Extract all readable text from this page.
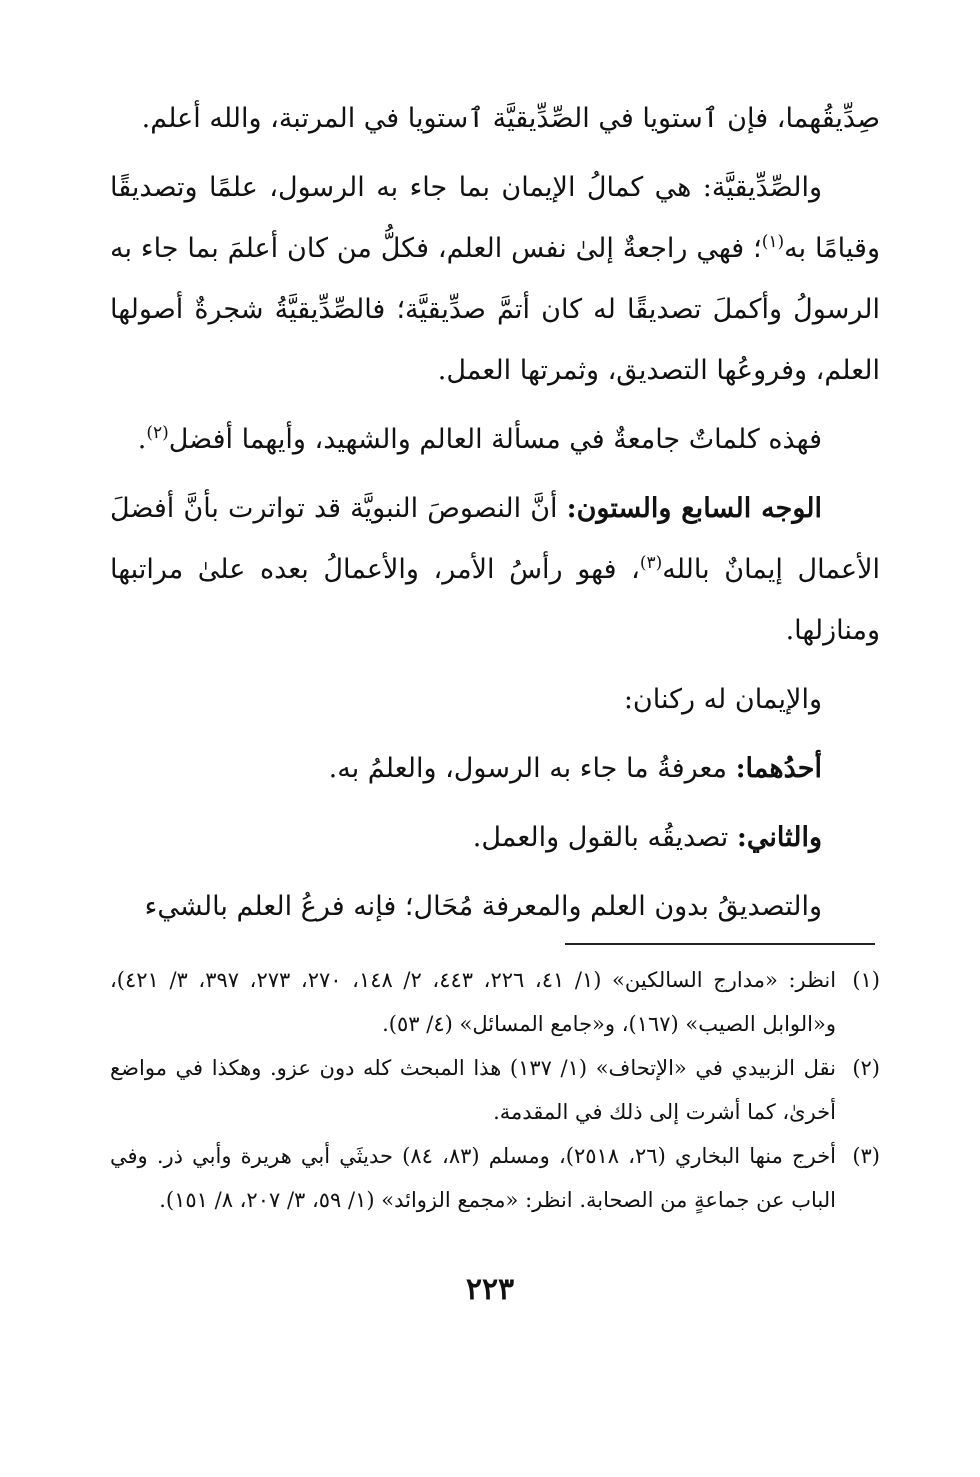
صِدِّيقُهما، فإن ٱستويا في الصِّدِّيقيَّة ٱستويا في المرتبة، والله أعلم.

والصِّدِّيقيَّة: هي كمالُ الإيمان بما جاء به الرسول، علمًا وتصديقًا وقيامًا به$^{(١)}$؛ فهي راجعةٌ إلىٰ نفس العلم، فكلُّ من كان أعلمَ بما جاء به الرسولُ وأكملَ تصديقًا له كان أتمَّ صدِّيقيَّة؛ فالصِّدِّيقيَّةُ شجرةٌ أصولها العلم، وفروعُها التصديق، وثمرتها العمل.

فهذه كلماتٌ جامعةٌ في مسألة العالم والشهيد، وأيهما أفضل$^{(٢)}$.

الوجه السابع والستون: أنَّ النصوصَ النبويَّة قد تواترت بأنَّ أفضلَ الأعمال إيمانٌ بالله$^{(٣)}$، فهو رأسُ الأمر، والأعمالُ بعده علىٰ مراتبها ومنازلها.

والإيمان له ركنان:

أحدُهما: معرفةُ ما جاء به الرسول، والعلمُ به.

والثاني: تصديقُه بالقول والعمل.

والتصديقُ بدون العلم والمعرفة مُحَال؛ فإنه فرعُ العلم بالشيء

(١)
انظر: «مدارج السالكين» (١/ ٤١، ٢٢٦، ٤٤٣، ٢/ ١٤٨، ٢٧٠، ٢٧٣، ٣٩٧، ٣/ ٤٢١)، و«الوابل الصيب» (١٦٧)، و«جامع المسائل» (٤/ ٥٣).
(٢)
نقل الزبيدي في «الإتحاف» (١/ ١٣٧) هذا المبحث كله دون عزو. وهكذا في مواضع أخرىٰ، كما أشرت إلى ذلك في المقدمة.
(٣)
أخرج منها البخاري (٢٦، ٢٥١٨)، ومسلم (٨٣، ٨٤) حديثَي أبي هريرة وأبي ذر. وفي الباب عن جماعةٍ من الصحابة. انظر: «مجمع الزوائد» (١/ ٥٩، ٣/ ٢٠٧، ٨/ ١٥١).
٢٢٣
